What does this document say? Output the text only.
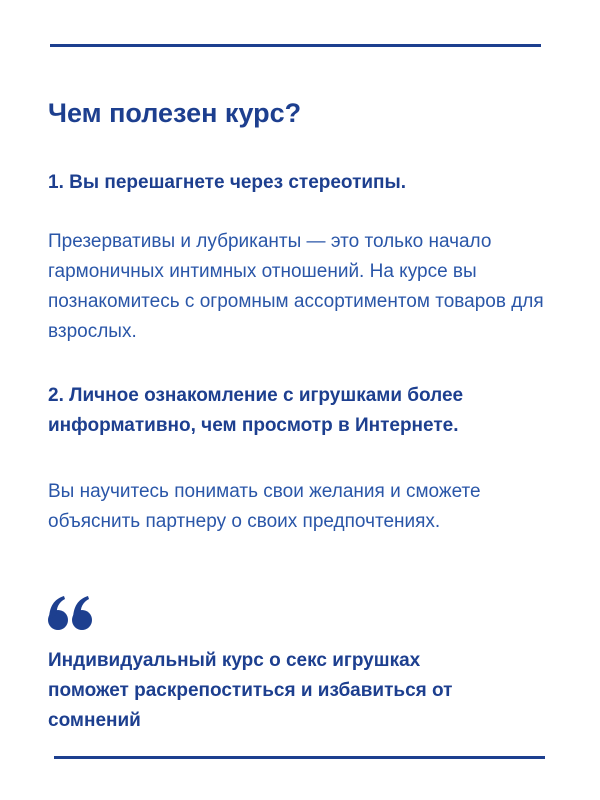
Чем полезен курс?
1. Вы перешагнете через стереотипы.
Презервативы и лубриканты — это только начало гармоничных интимных отношений. На курсе вы познакомитесь с огромным ассортиментом товаров для взрослых.
2. Личное ознакомление с игрушками более информативно, чем просмотр в Интернете.
Вы научитесь понимать свои желания и сможете объяснить партнеру о своих предпочтениях.
Индивидуальный курс о секс игрушках поможет раскрепоститься и избавиться от сомнений
